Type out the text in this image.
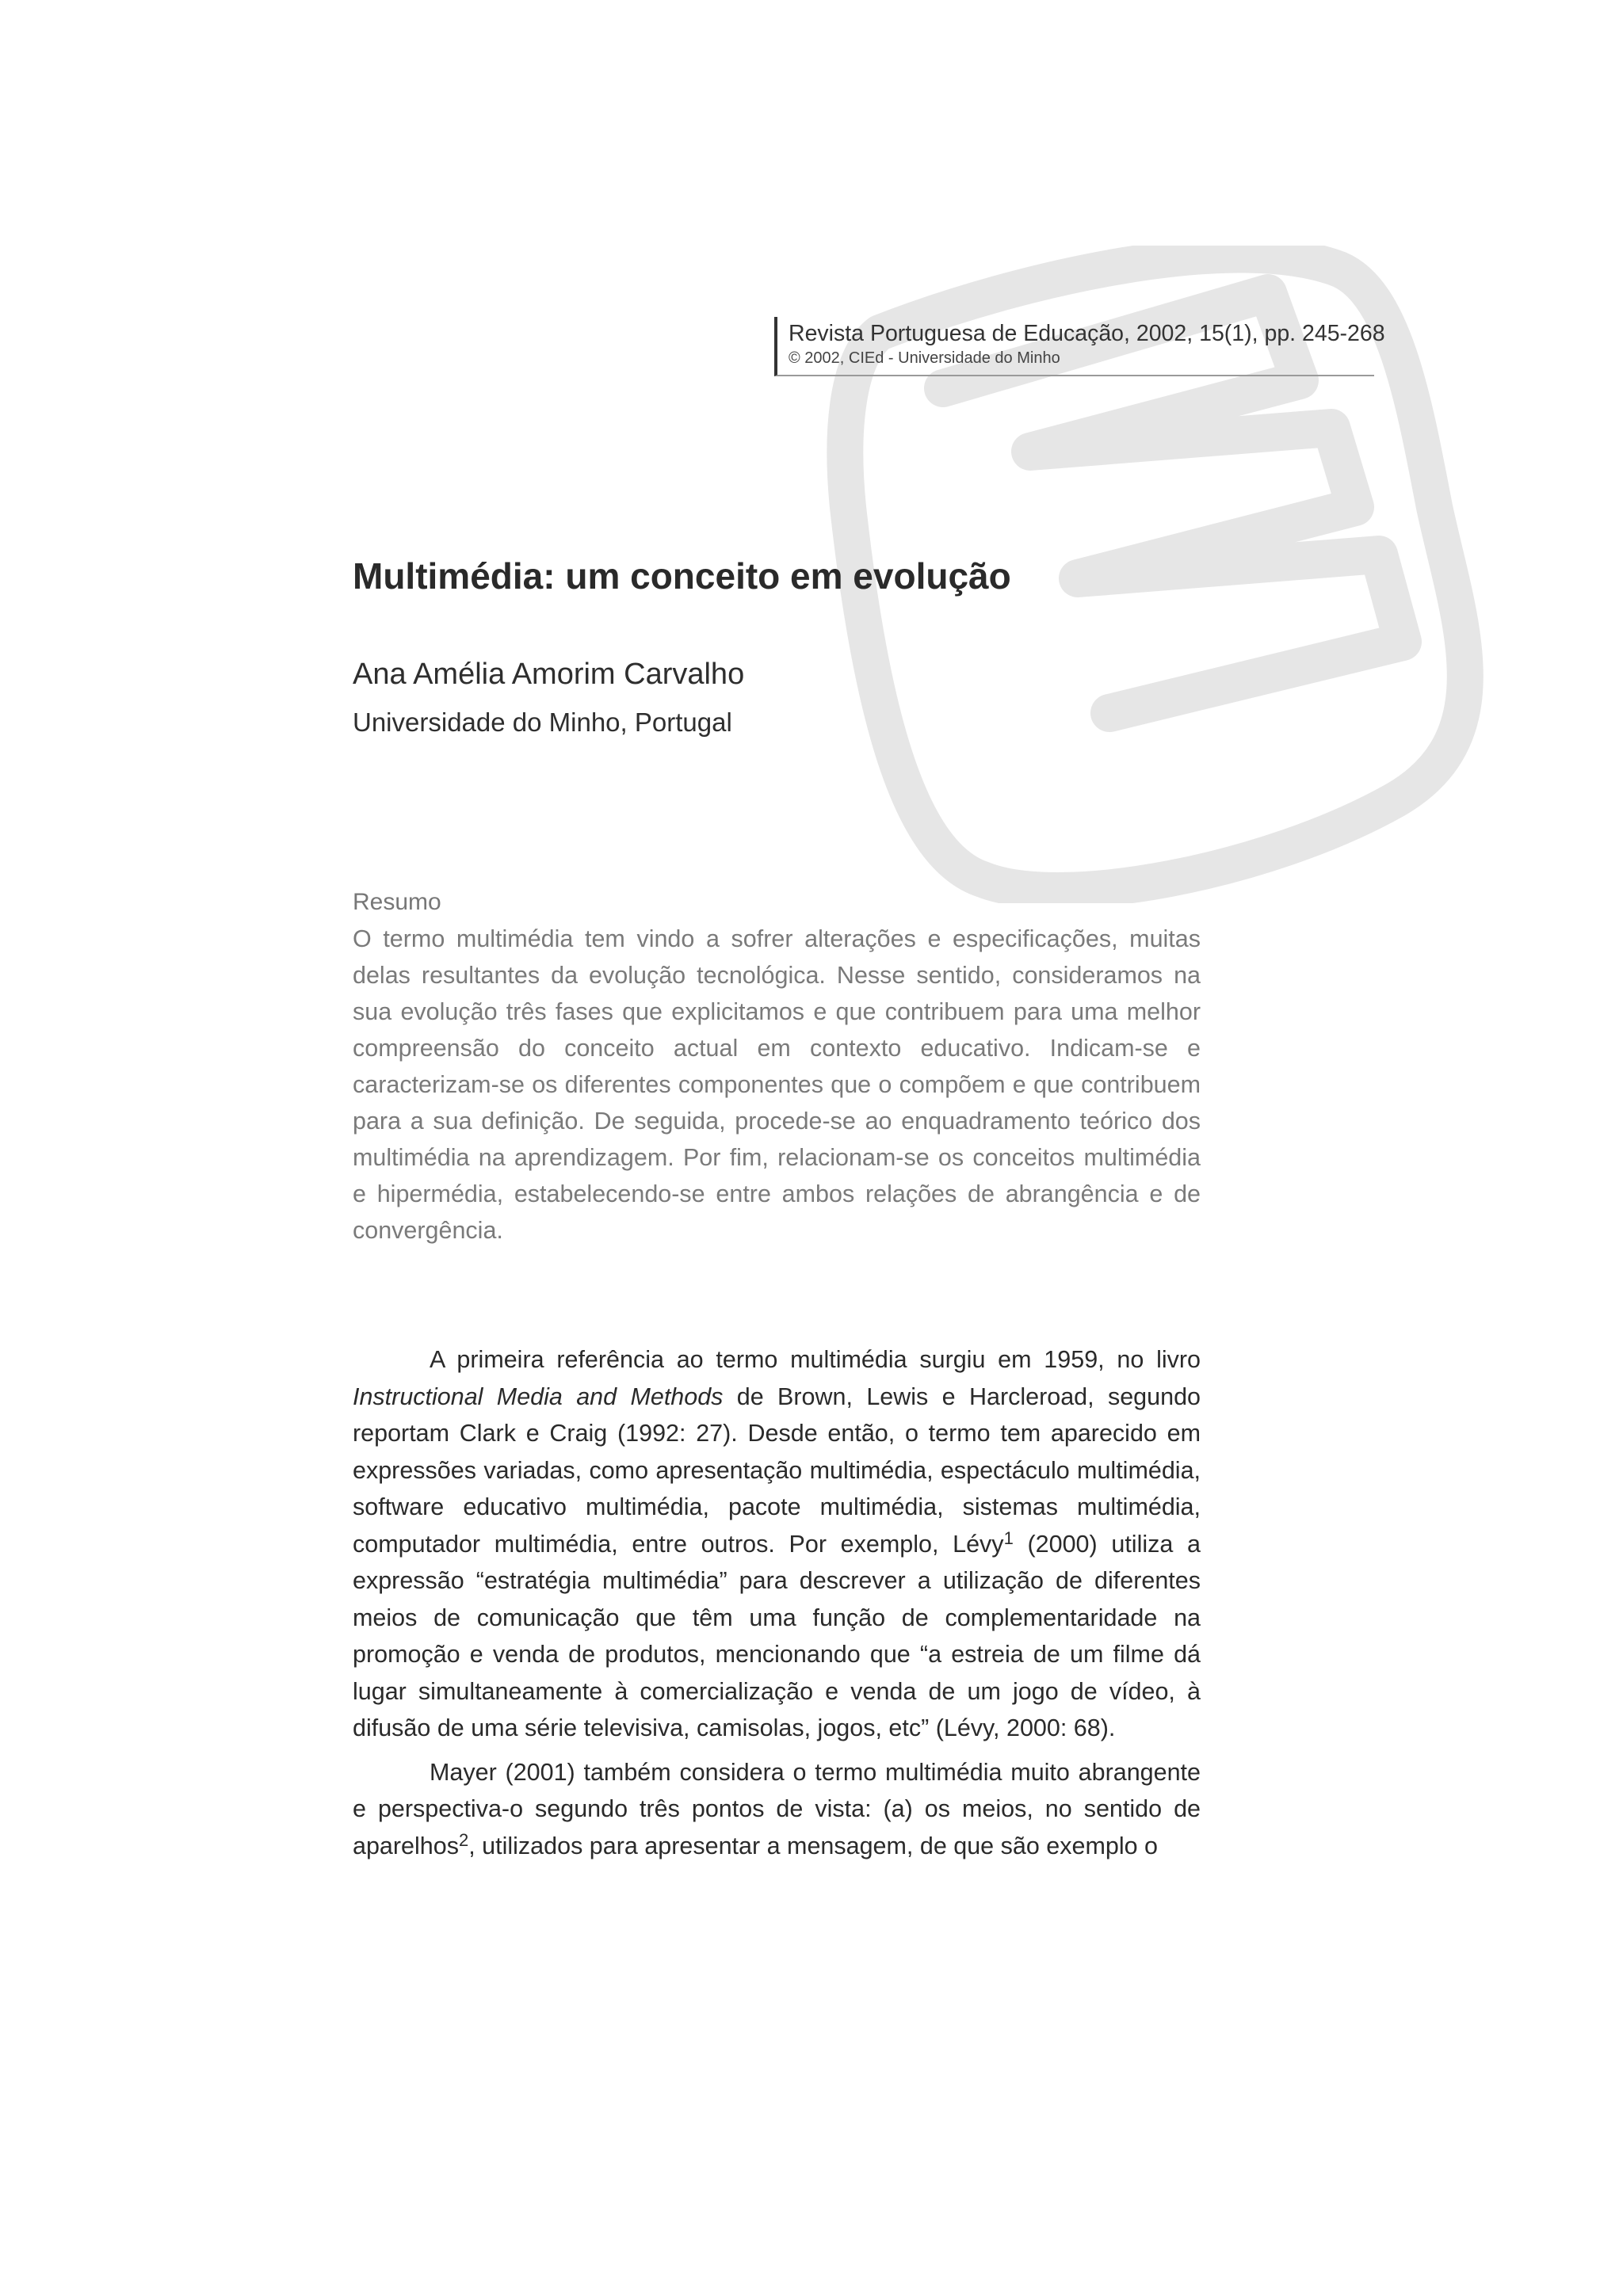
Revista Portuguesa de Educação, 2002, 15(1), pp. 245-268
© 2002, CIEd - Universidade do Minho
Multimédia: um conceito em evolução
Ana Amélia Amorim Carvalho
Universidade do Minho, Portugal
Resumo
O termo multimédia tem vindo a sofrer alterações e especificações, muitas delas resultantes da evolução tecnológica. Nesse sentido, consideramos na sua evolução três fases que explicitamos e que contribuem para uma melhor compreensão do conceito actual em contexto educativo. Indicam-se e caracterizam-se os diferentes componentes que o compõem e que contribuem para a sua definição. De seguida, procede-se ao enquadramento teórico dos multimédia na aprendizagem. Por fim, relacionam-se os conceitos multimédia e hipermédia, estabelecendo-se entre ambos relações de abrangência e de convergência.

A primeira referência ao termo multimédia surgiu em 1959, no livro Instructional Media and Methods de Brown, Lewis e Harcleroad, segundo reportam Clark e Craig (1992: 27). Desde então, o termo tem aparecido em expressões variadas, como apresentação multimédia, espectáculo multimédia, software educativo multimédia, pacote multimédia, sistemas multimédia, computador multimédia, entre outros. Por exemplo, Lévy$^1$ (2000) utiliza a expressão “estratégia multimédia” para descrever a utilização de diferentes meios de comunicação que têm uma função de complementaridade na promoção e venda de produtos, mencionando que “a estreia de um filme dá lugar simultaneamente à comercialização e venda de um jogo de vídeo, à difusão de uma série televisiva, camisolas, jogos, etc” (Lévy, 2000: 68).

Mayer (2001) também considera o termo multimédia muito abrangente e perspectiva-o segundo três pontos de vista: (a) os meios, no sentido de aparelhos$^2$, utilizados para apresentar a mensagem, de que são exemplo o
